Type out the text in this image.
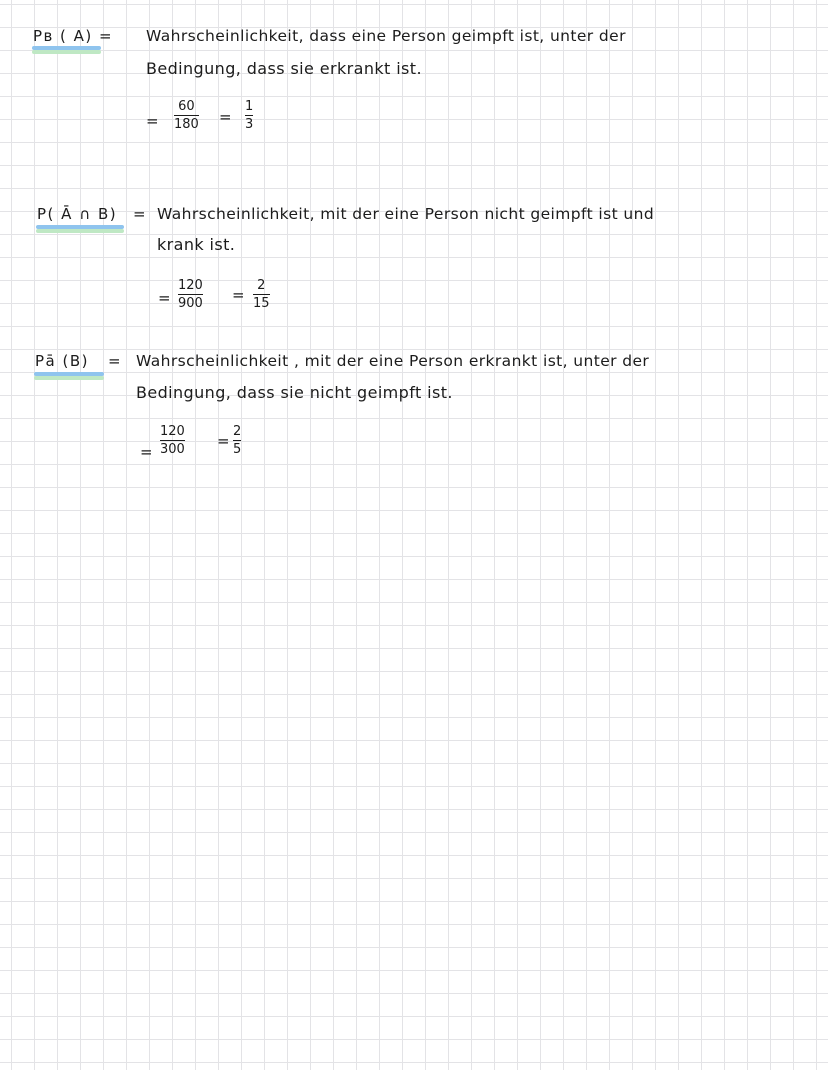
Pʙ ( A) = Wahrscheinlichkeit, dass eine Person geimpft ist, unter der
Bedingung, dass sie erkrankt ist.
=
60
180 =
1
3
P( Ā ∩ B) = Wahrscheinlichkeit, mit der eine Person nicht geimpft ist und
krank ist.
=
120
900 =
2
15
Pā (B) = Wahrscheinlichkeit , mit der eine Person erkrankt ist, unter der
Bedingung, dass sie nicht geimpft ist.
=
120
300 =
2
5
